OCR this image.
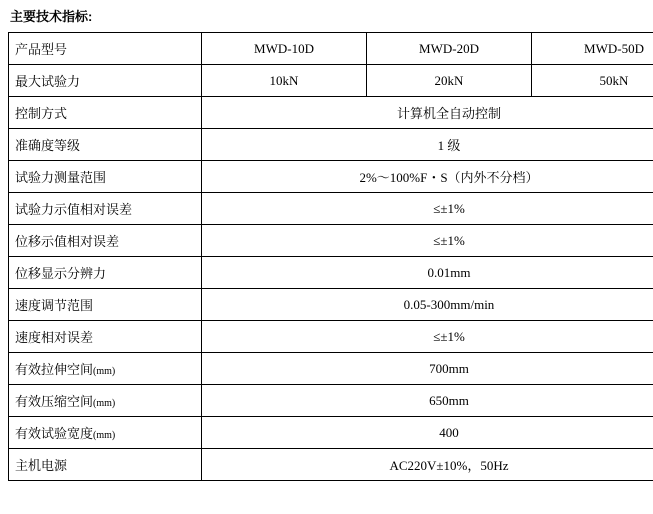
主要技术指标:
产品型号	MWD-10D	MWD-20D	MWD-50D
最大试验力	10kN	20kN	50kN
控制方式	计算机全自动控制		
准确度等级	1 级		
试验力测量范围	2%～100%F・S（内外不分档）		
试验力示值相对误差	≤±1%		
位移示值相对误差	≤±1%		
位移显示分辨力	0.01mm		
速度调节范围	0.05-300mm/min		
速度相对误差	≤±1%		
有效拉伸空间(mm)	700mm		
有效压缩空间(mm)	650mm		
有效试验宽度(mm)	400		
主机电源	AC220V±10%，50Hz		
